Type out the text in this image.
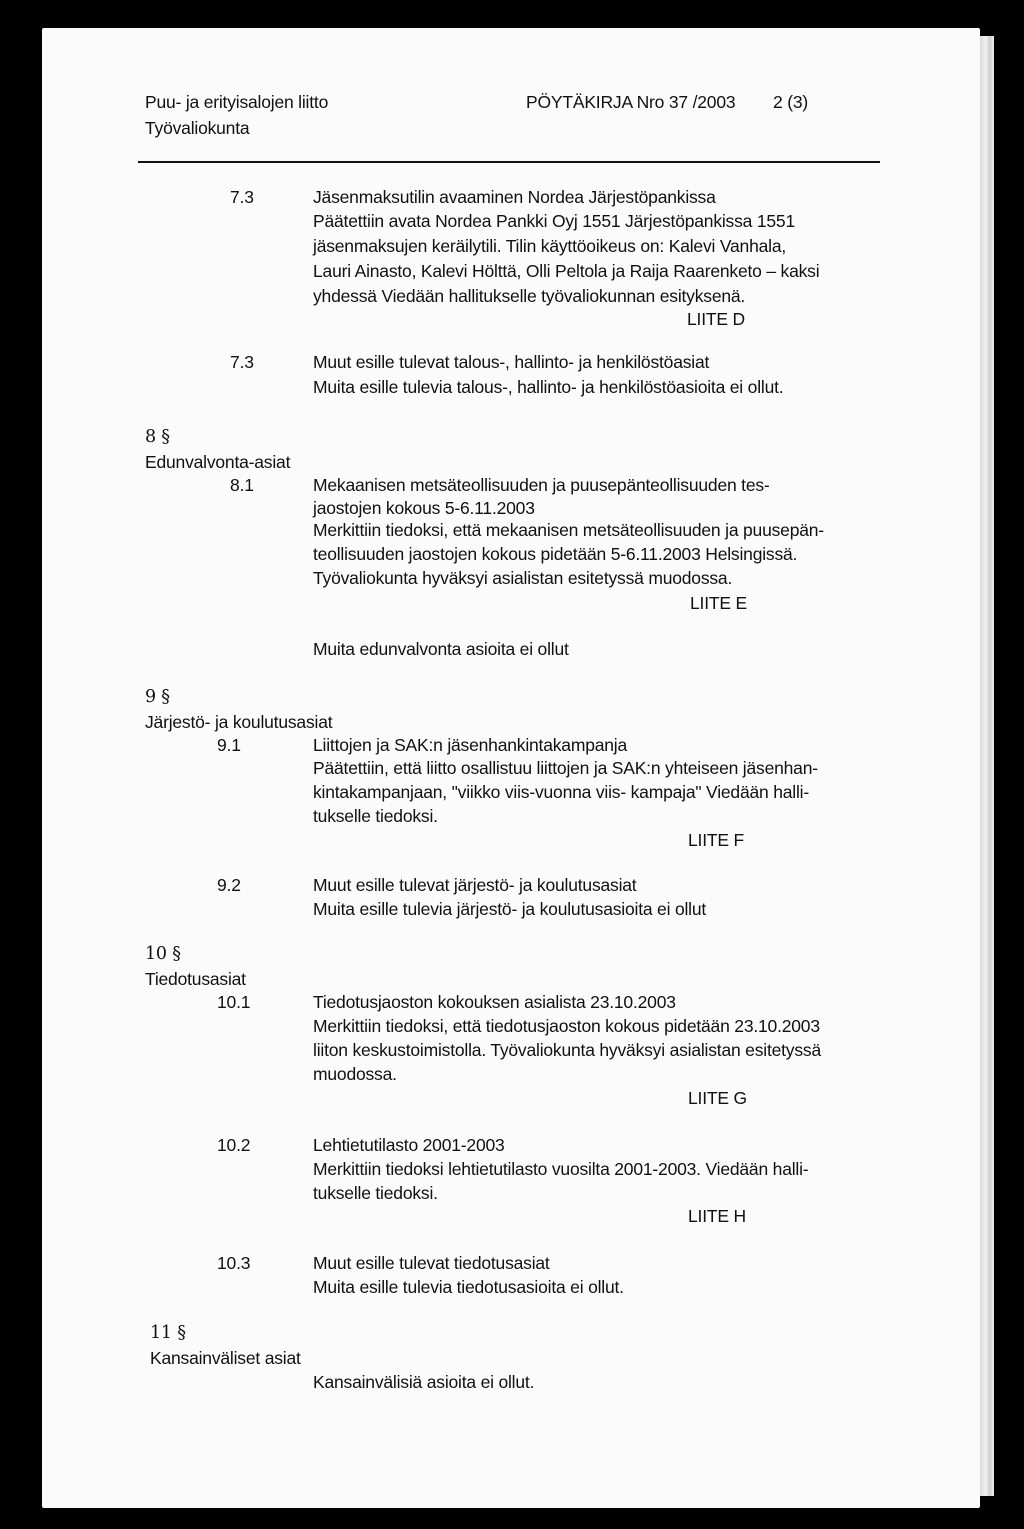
Puu- ja erityisalojen liitto
Työvaliokunta
PÖYTÄKIRJA Nro 37 /2003 2 (3)
7.3	Jäsenmaksutilin avaaminen Nordea Järjestöpankissa
Päätettiin avata Nordea Pankki Oyj 1551 Järjestöpankissa 1551
jäsenmaksujen keräilytili. Tilin käyttöoikeus on: Kalevi Vanhala,
Lauri Ainasto, Kalevi Hölttä, Olli Peltola ja Raija Raarenketo – kaksi
yhdessä Viedään hallitukselle työvaliokunnan esityksenä.
LIITE D
7.3	Muut esille tulevat talous-, hallinto- ja henkilöstöasiat
Muita esille tulevia talous-, hallinto- ja henkilöstöasioita ei ollut.
8 §
Edunvalvonta-asiat
8.1	Mekaanisen metsäteollisuuden ja puusepänteollisuuden tes-
jaostojen kokous 5-6.11.2003
Merkittiin tiedoksi, että mekaanisen metsäteollisuuden ja puusepän-
teollisuuden jaostojen kokous pidetään 5-6.11.2003 Helsingissä.
Työvaliokunta hyväksyi asialistan esitetyssä muodossa.
LIITE E
Muita edunvalvonta asioita ei ollut
9 §
Järjestö- ja koulutusasiat
9.1	Liittojen ja SAK:n jäsenhankintakampanja
Päätettiin, että liitto osallistuu liittojen ja SAK:n yhteiseen jäsenhan-
kintakampanjaan, "viikko viis-vuonna viis- kampaja" Viedään halli-
tukselle tiedoksi.
LIITE F
9.2	Muut esille tulevat järjestö- ja koulutusasiat
Muita esille tulevia järjestö- ja koulutusasioita ei ollut
10 §
Tiedotusasiat
10.1	Tiedotusjaoston kokouksen asialista 23.10.2003
Merkittiin tiedoksi, että tiedotusjaoston kokous pidetään 23.10.2003
liiton keskustoimistolla. Työvaliokunta hyväksyi asialistan esitetyssä
muodossa.
LIITE G
10.2	Lehtietutilasto 2001-2003
Merkittiin tiedoksi lehtietutilasto vuosilta 2001-2003. Viedään halli-
tukselle tiedoksi.
LIITE H
10.3	Muut esille tulevat tiedotusasiat
Muita esille tulevia tiedotusasioita ei ollut.
11 §
Kansainväliset asiat
Kansainvälisiä asioita ei ollut.
